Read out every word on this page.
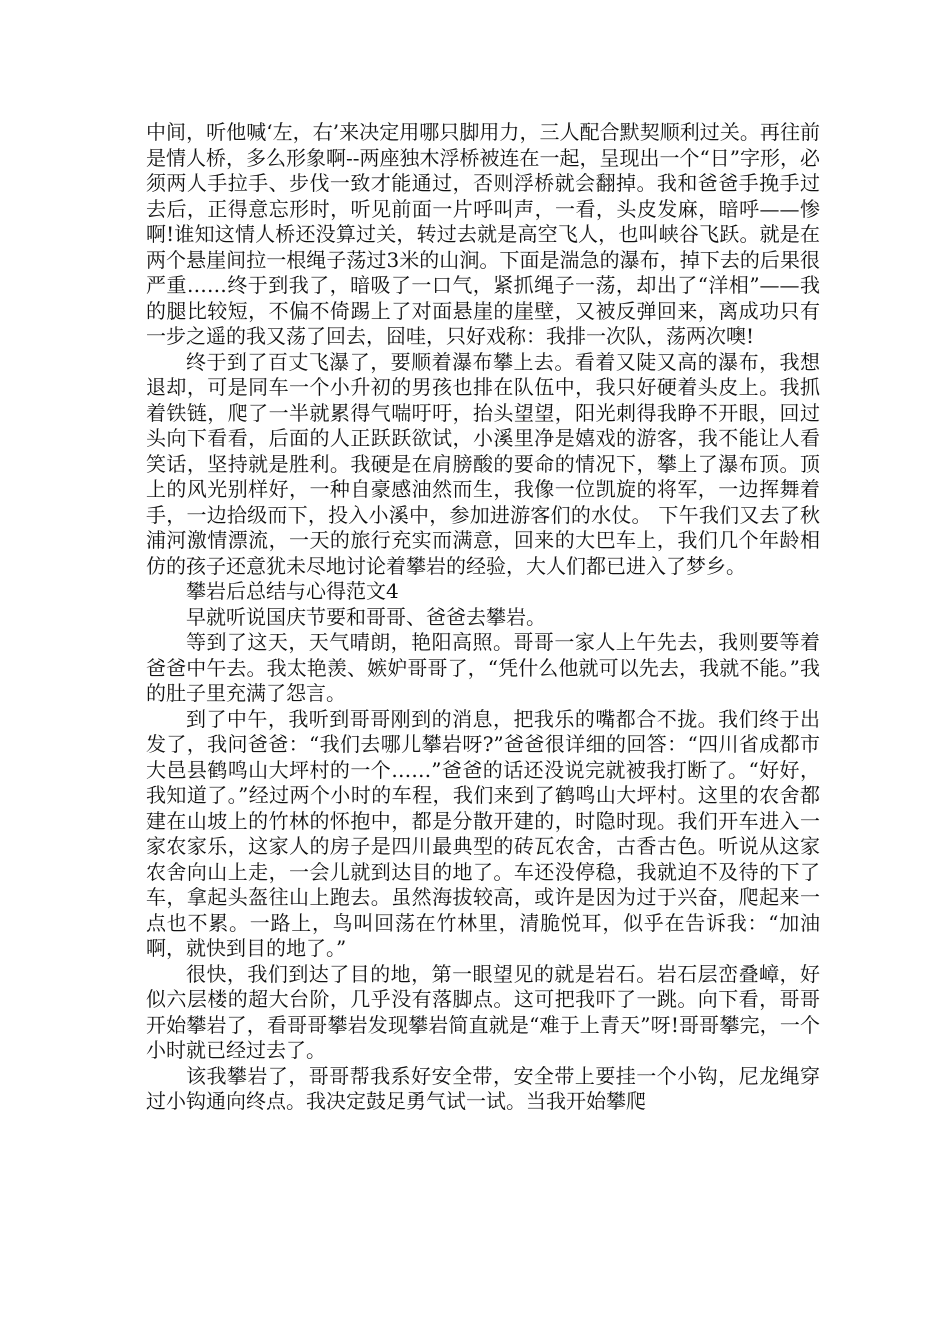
中间，听他喊‘左，右’来决定用哪只脚用力，三人配合默契顺利过关。再往前是情人桥，多么形象啊--两座独木浮桥被连在一起，呈现出一个“日”字形，必须两人手拉手、步伐一致才能通过，否则浮桥就会翻掉。我和爸爸手挽手过去后，正得意忘形时，听见前面一片呼叫声，一看，头皮发麻，暗呼——惨啊!谁知这情人桥还没算过关，转过去就是高空飞人，也叫峡谷飞跃。就是在两个悬崖间拉一根绳子荡过3米的山涧。下面是湍急的瀑布，掉下去的后果很严重……终于到我了，暗吸了一口气，紧抓绳子一荡，却出了“洋相”——我的腿比较短，不偏不倚踢上了对面悬崖的崖壁，又被反弹回来，离成功只有一步之遥的我又荡了回去，囧哇，只好戏称：我排一次队，荡两次噢!

终于到了百丈飞瀑了，要顺着瀑布攀上去。看着又陡又高的瀑布，我想退却，可是同车一个小升初的男孩也排在队伍中，我只好硬着头皮上。我抓着铁链，爬了一半就累得气喘吁吁，抬头望望，阳光刺得我睁不开眼，回过头向下看看，后面的人正跃跃欲试，小溪里净是嬉戏的游客，我不能让人看笑话，坚持就是胜利。我硬是在肩膀酸的要命的情况下，攀上了瀑布顶。顶上的风光别样好，一种自豪感油然而生，我像一位凯旋的将军，一边挥舞着手，一边拾级而下，投入小溪中，参加进游客们的水仗。 下午我们又去了秋浦河激情漂流，一天的旅行充实而满意，回来的大巴车上，我们几个年龄相仿的孩子还意犹未尽地讨论着攀岩的经验，大人们都已进入了梦乡。

攀岩后总结与心得范文4

早就听说国庆节要和哥哥、爸爸去攀岩。

等到了这天，天气晴朗，艳阳高照。哥哥一家人上午先去，我则要等着爸爸中午去。我太艳羡、嫉妒哥哥了，“凭什么他就可以先去，我就不能。”我的肚子里充满了怨言。

到了中午，我听到哥哥刚到的消息，把我乐的嘴都合不拢。我们终于出发了，我问爸爸：“我们去哪儿攀岩呀?”爸爸很详细的回答：“四川省成都市大邑县鹤鸣山大坪村的一个……”爸爸的话还没说完就被我打断了。“好好，我知道了。”经过两个小时的车程，我们来到了鹤鸣山大坪村。这里的农舍都建在山坡上的竹林的怀抱中，都是分散开建的，时隐时现。我们开车进入一家农家乐，这家人的房子是四川最典型的砖瓦农舍，古香古色。听说从这家农舍向山上走，一会儿就到达目的地了。车还没停稳，我就迫不及待的下了车，拿起头盔往山上跑去。虽然海拔较高，或许是因为过于兴奋，爬起来一点也不累。一路上，鸟叫回荡在竹林里，清脆悦耳，似乎在告诉我：“加油啊，就快到目的地了。”

很快，我们到达了目的地，第一眼望见的就是岩石。岩石层峦叠嶂，好似六层楼的超大台阶，几乎没有落脚点。这可把我吓了一跳。向下看，哥哥开始攀岩了，看哥哥攀岩发现攀岩简直就是“难于上青天”呀!哥哥攀完，一个小时就已经过去了。

该我攀岩了，哥哥帮我系好安全带，安全带上要挂一个小钩，尼龙绳穿过小钩通向终点。我决定鼓足勇气试一试。当我开始攀爬
